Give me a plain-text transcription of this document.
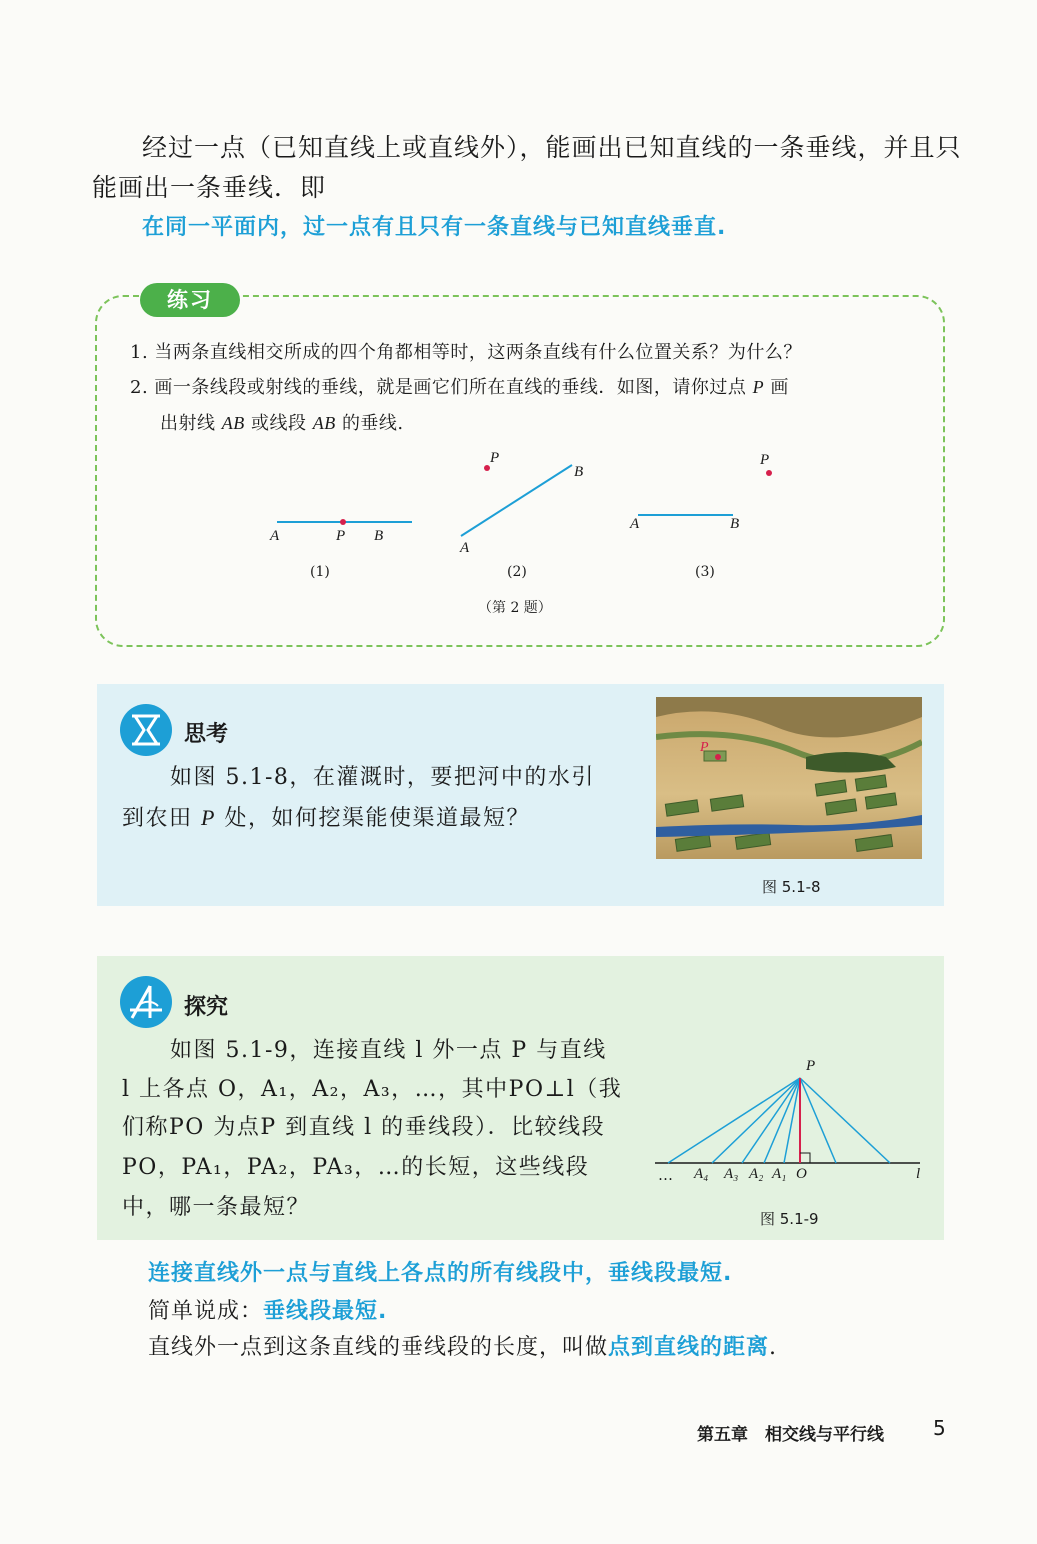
经过一点（已知直线上或直线外），能画出已知直线的一条垂线，并且只
能画出一条垂线．即
在同一平面内，过一点有且只有一条直线与已知直线垂直.
练习
1. 当两条直线相交所成的四个角都相等时，这两条直线有什么位置关系？为什么？
2. 画一条线段或射线的垂线，就是画它们所在直线的垂线．如图，请你过点 P 画
出射线 AB 或线段 AB 的垂线.
A	P B
P
B
A
P
A	B
(1)	(2)	(3)
（第 2 题）
思考
如图 5.1-8，在灌溉时，要把河中的水引
到农田 P 处，如何挖渠能使渠道最短？
P
图 5.1-8
探究
如图 5.1-9，连接直线 l 外一点 P 与直线
l 上各点 O，A₁，A₂，A₃，…，其中PO⊥l（我
们称PO 为点P 到直线 l 的垂线段）．比较线段
PO，PA₁，PA₂，PA₃，…的长短，这些线段
中，哪一条最短？
P
… A₄ A₃ A₂ A₁ O	l
图 5.1-9
连接直线外一点与直线上各点的所有线段中，垂线段最短.
简单说成：垂线段最短.
直线外一点到这条直线的垂线段的长度，叫做点到直线的距离.
第五章　相交线与平行线 5
